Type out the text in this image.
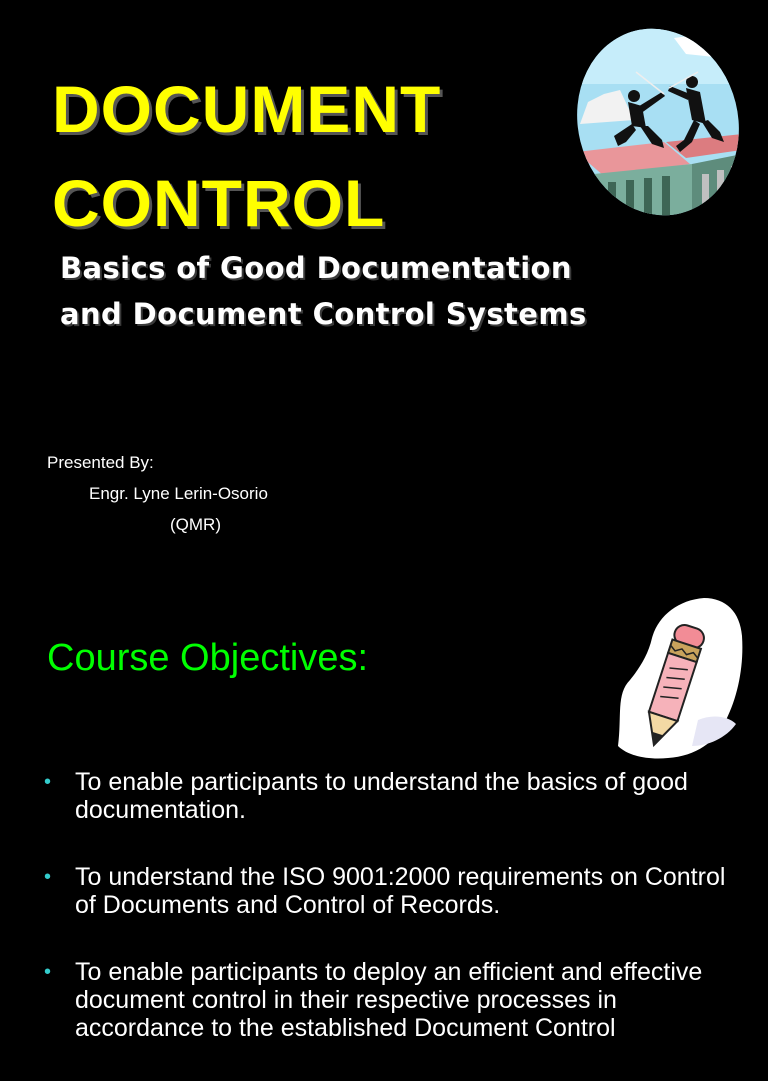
DOCUMENT
CONTROL
Basics of Good Documentation
and Document Control Systems
Presented By:
Engr. Lyne Lerin-Osorio
(QMR)
Course Objectives:
• To enable participants to understand the basics of good documentation.
• To understand the ISO 9001:2000 requirements on Control of Documents and Control of Records.
• To enable participants to deploy an efficient and effective document control in their respective processes in accordance to the established Document Control
